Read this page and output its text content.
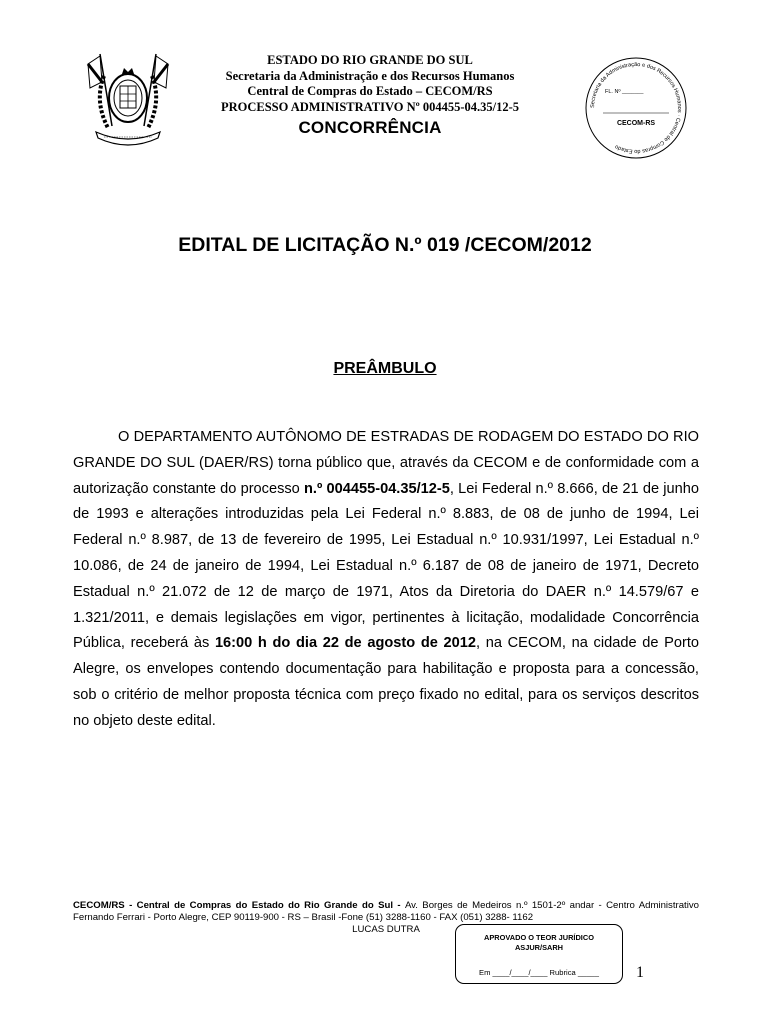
ESTADO DO RIO GRANDE DO SUL
Secretaria da Administração e dos Recursos Humanos
Central de Compras do Estado – CECOM/RS
PROCESSO ADMINISTRATIVO Nº 004455-04.35/12-5
CONCORRÊNCIA
Secretaria da Administração e dos Recursos Humanos · Central de Compras do Estado
FL. Nº _______
CECOM-RS
EDITAL DE LICITAÇÃO N.º 019 /CECOM/2012
PREÂMBULO

O DEPARTAMENTO AUTÔNOMO DE ESTRADAS DE RODAGEM DO ESTADO DO RIO GRANDE DO SUL (DAER/RS) torna público que, através da CECOM e de conformidade com a autorização constante do processo n.º 004455-04.35/12-5, Lei Federal n.º 8.666, de 21 de junho de 1993 e alterações introduzidas pela Lei Federal n.º 8.883, de 08 de junho de 1994, Lei Federal n.º 8.987, de 13 de fevereiro de 1995, Lei Estadual n.º 10.931/1997, Lei Estadual n.º 10.086, de 24 de janeiro de 1994, Lei Estadual n.º 6.187 de 08 de janeiro de 1971, Decreto Estadual n.º 21.072 de 12 de março de 1971, Atos da Diretoria do DAER n.º 14.579/67 e 1.321/2011, e demais legislações em vigor, pertinentes à licitação, modalidade Concorrência Pública, receberá às 16:00 h do dia 22 de agosto de 2012, na CECOM, na cidade de Porto Alegre, os envelopes contendo documentação para habilitação e proposta para a concessão, sob o critério de melhor proposta técnica com preço fixado no edital, para os serviços descritos no objeto deste edital.

CECOM/RS - Central de Compras do Estado do Rio Grande do Sul - Av. Borges de Medeiros n.º 1501-2º andar - Centro Administrativo Fernando Ferrari - Porto Alegre, CEP 90119-900 - RS – Brasil -Fone (51) 3288-1160 - FAX (051) 3288- 1162
LUCAS DUTRA
APROVADO O TEOR JURÍDICO
ASJUR/SARH
Em ____/____/____ Rubrica _____	1
